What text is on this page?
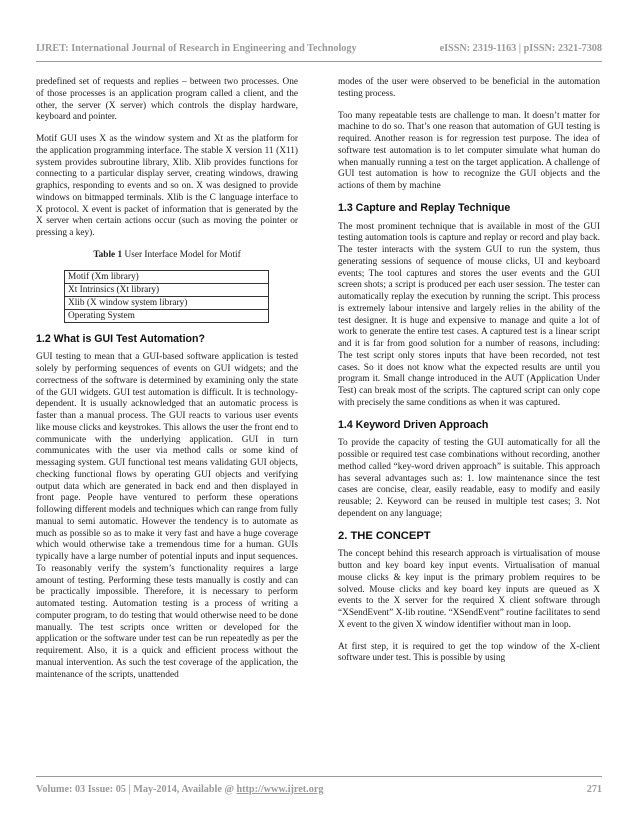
IJRET: International Journal of Research in Engineering and Technology	eISSN: 2319-1163 | pISSN: 2321-7308

predefined set of requests and replies – between two processes. One of those processes is an application program called a client, and the other, the server (X server) which controls the display hardware, keyboard and pointer.

Motif GUI uses X as the window system and Xt as the platform for the application programming interface. The stable X version 11 (X11) system provides subroutine library, Xlib. Xlib provides functions for connecting to a particular display server, creating windows, drawing graphics, responding to events and so on. X was designed to provide windows on bitmapped terminals. Xlib is the C language interface to X protocol. X event is packet of information that is generated by the X server when certain actions occur (such as moving the pointer or pressing a key).

Table 1 User Interface Model for Motif
Motif (Xm library)
Xt Intrinsics (Xt library)
Xlib (X window system library)
Operating System
1.2 What is GUI Test Automation?

GUI testing to mean that a GUI-based software application is tested solely by performing sequences of events on GUI widgets; and the correctness of the software is determined by examining only the state of the GUI widgets. GUI test automation is difficult. It is technology-dependent. It is usually acknowledged that an automatic process is faster than a manual process. The GUI reacts to various user events like mouse clicks and keystrokes. This allows the user the front end to communicate with the underlying application. GUI in turn communicates with the user via method calls or some kind of messaging system. GUI functional test means validating GUI objects, checking functional flows by operating GUI objects and verifying output data which are generated in back end and then displayed in front page. People have ventured to perform these operations following different models and techniques which can range from fully manual to semi automatic. However the tendency is to automate as much as possible so as to make it very fast and have a huge coverage which would otherwise take a tremendous time for a human. GUIs typically have a large number of potential inputs and input sequences. To reasonably verify the system’s functionality requires a large amount of testing. Performing these tests manually is costly and can be practically impossible. Therefore, it is necessary to perform automated testing. Automation testing is a process of writing a computer program, to do testing that would otherwise need to be done manually. The test scripts once written or developed for the application or the software under test can be run repeatedly as per the requirement. Also, it is a quick and efficient process without the manual intervention. As such the test coverage of the application, the maintenance of the scripts, unattended

modes of the user were observed to be beneficial in the automation testing process.

Too many repeatable tests are challenge to man. It doesn’t matter for machine to do so. That’s one reason that automation of GUI testing is required. Another reason is for regression test purpose. The idea of software test automation is to let computer simulate what human do when manually running a test on the target application. A challenge of GUI test automation is how to recognize the GUI objects and the actions of them by machine

1.3 Capture and Replay Technique

The most prominent technique that is available in most of the GUI testing automation tools is capture and replay or record and play back. The tester interacts with the system GUI to run the system, thus generating sessions of sequence of mouse clicks, UI and keyboard events; The tool captures and stores the user events and the GUI screen shots; a script is produced per each user session. The tester can automatically replay the execution by running the script. This process is extremely labour intensive and largely relies in the ability of the test designer. It is huge and expensive to manage and quite a lot of work to generate the entire test cases. A captured test is a linear script and it is far from good solution for a number of reasons, including: The test script only stores inputs that have been recorded, not test cases. So it does not know what the expected results are until you program it. Small change introduced in the AUT (Application Under Test) can break most of the scripts. The captured script can only cope with precisely the same conditions as when it was captured.

1.4 Keyword Driven Approach

To provide the capacity of testing the GUI automatically for all the possible or required test case combinations without recording, another method called “key-word driven approach” is suitable. This approach has several advantages such as: 1. low maintenance since the test cases are concise, clear, easily readable, easy to modify and easily reusable; 2. Keyword can be reused in multiple test cases; 3. Not dependent on any language;

2. THE CONCEPT

The concept behind this research approach is virtualisation of mouse button and key board key input events. Virtualisation of manual mouse clicks & key input is the primary problem requires to be solved. Mouse clicks and key board key inputs are queued as X events to the X server for the required X client software through “XSendEvent” X-lib routine. “XSendEvent” routine facilitates to send X event to the given X window identifier without man in loop.

At first step, it is required to get the top window of the X-client software under test. This is possible by using

Volume: 03 Issue: 05 | May-2014, Available @ http://www.ijret.org	271
